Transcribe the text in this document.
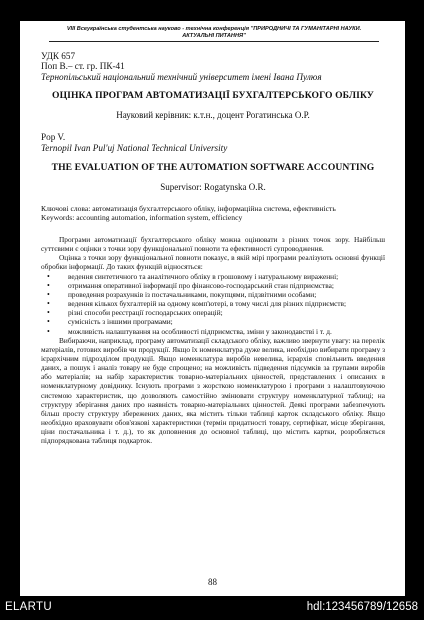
VIII Всеукраїнська студентська науково - технічна конференція "ПРИРОДНИЧІ ТА ГУМАНІТАРНІ НАУКИ.
АКТУАЛЬНІ ПИТАННЯ"
УДК 657
Поп В.– ст. гр. ПК-41
Тернопільський національний технічний університет імені Івана Пулюя
ОЦІНКА ПРОГРАМ АВТОМАТИЗАЦІЇ БУХГАЛТЕРСЬКОГО ОБЛІКУ
Науковий керівник: к.т.н., доцент Рогатинська О.Р.
Pop V.
Ternopil Ivan Pul'uj National Technical University
THE EVALUATION OF THE AUTOMATION SOFTWARE ACCOUNTING
Supervisor: Rogatynska O.R.
Ключові слова: автоматизація бухгалтерського обліку, інформаційна система, ефективність
Keywords: accounting automation, information system, efficiency

Програми автоматизації бухгалтерського обліку можна оцінювати з різних точок зору. Найбільш суттєвими є оцінки з точки зору функціональної повноти та ефективності супроводження.

Оцінка з точки зору функціональної повноти показує, в якій мірі програми реалізують основні функції обробки інформації. До таких функцій відносяться:

• ведення синтетичного та аналітичного обліку в грошовому і натуральному вираженні;
• отримання оперативної інформації про фінансово-господарський стан підприємства;
• проведення розрахунків із постачальниками, покупцями, підзвітними особами;
• ведення кількох бухгалтерій на одному комп'ютері, в тому числі для різних підприємств;
• різні способи реєстрації господарських операцій;
• сумісність з іншими програмами;
• можливість налаштування на особливості підприємства, зміни у законодавстві і т. д.

Вибираючи, наприклад, програму автоматизації складського обліку, важливо звернути увагу: на перелік матеріалів, готових виробів чи продукції. Якщо їх номенклатура дуже велика, необхідно вибирати програму з ієрархічним підрозділом продукції. Якщо номенклатура виробів невелика, ієрархія сповільнить введення даних, а пошук і аналіз товару не буде спрощено; на можливість підведення підсумків за групами виробів або матеріалів; на набір характеристик товарно-матеріальних цінностей, представлених і описаних в номенклатурному довіднику. Існують програми з жорсткою номенклатурою і програми з налаштовуючою системою характеристик, що дозволяють самостійно змінювати структуру номенклатурної таблиці; на структуру зберігання даних про наявність товарно-матеріальних цінностей. Деякі програми забезпечують більш просту структуру збережених даних, яка містить тільки таблиці карток складського обліку. Якщо необхідно враховувати обов'язкові характеристики (термін придатності товару, сертифікат, місце зберігання, ціни постачальника і т. д.), то як доповнення до основної таблиці, що містить картки, розробляється підпорядкована таблиця подкарток.

88
ELARTU	hdl:123456789/12658
